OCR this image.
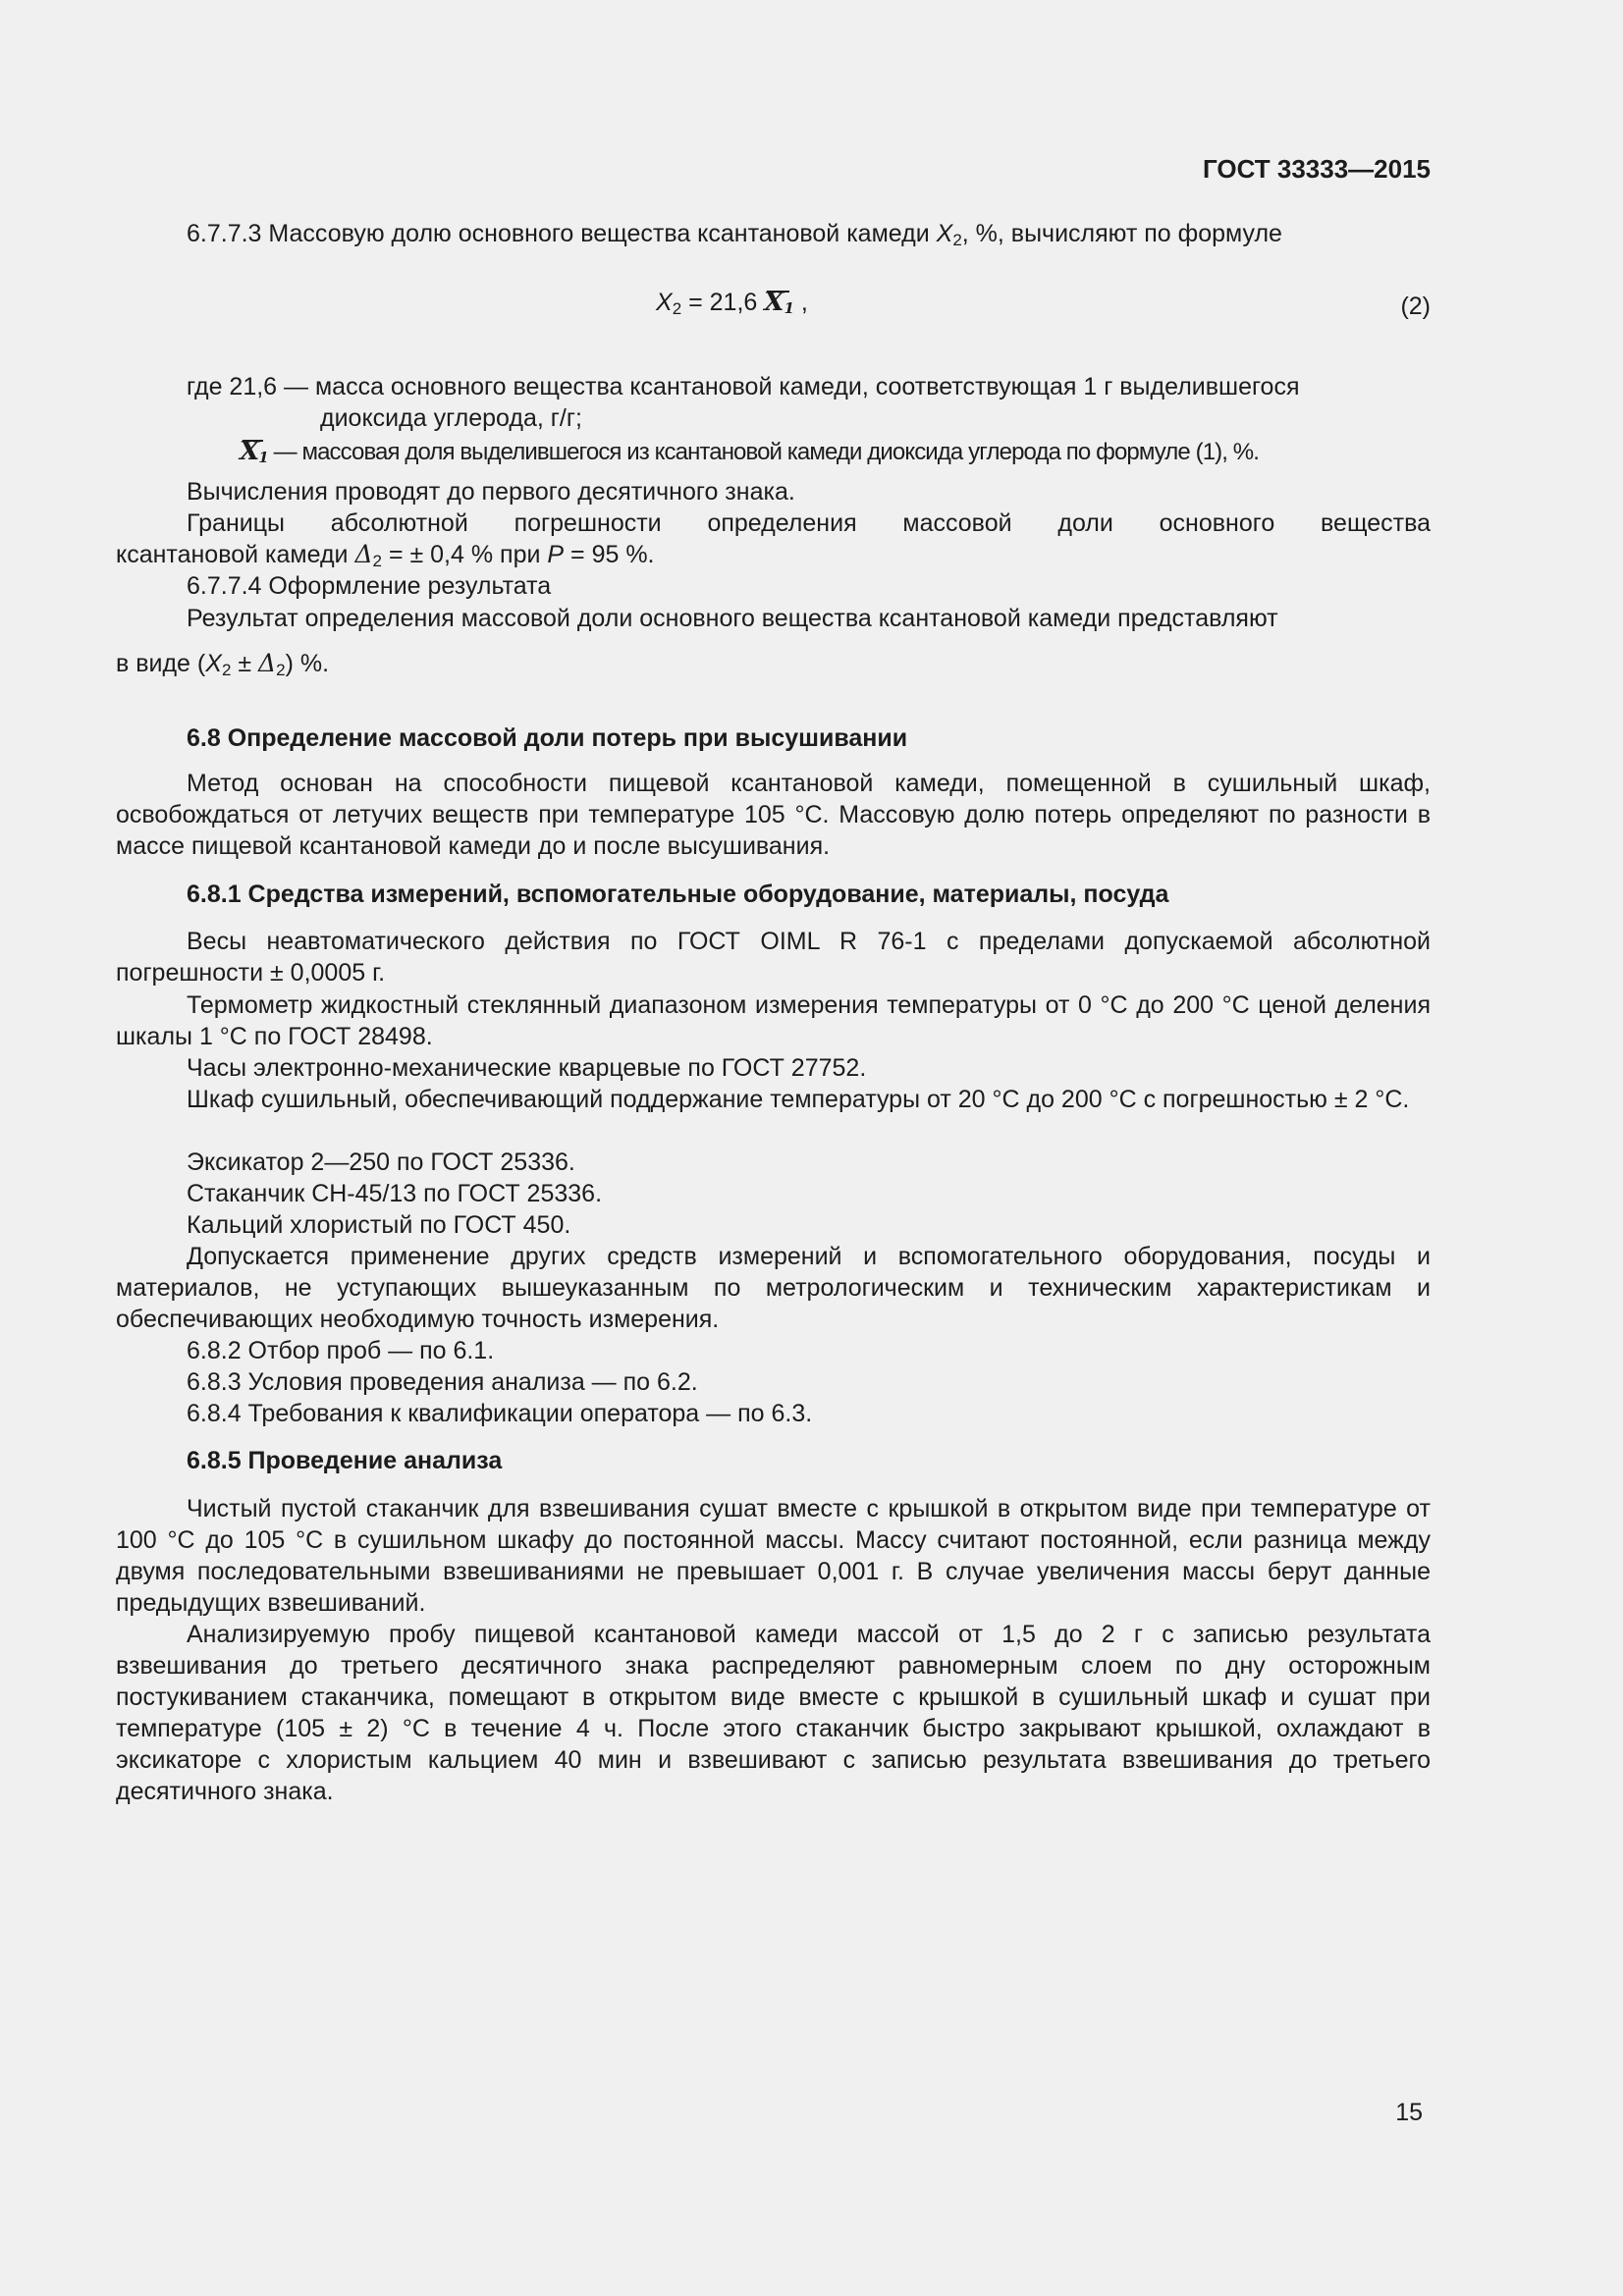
ГОСТ 33333—2015
6.7.7.3 Массовую долю основного вещества ксантановой камеди $X_2$, %, вычисляют по формуле
$X_2 = 21,6$ X1 ,	(2)
где 21,6 — масса основного вещества ксантановой камеди, соответствующая 1 г выделившегося
диоксида углерода, г/г;
X1 — массовая доля выделившегося из ксантановой камеди диоксида углерода по формуле (1), %.
Вычисления проводят до первого десятичного знака.
Границы абсолютной погрешности определения массовой доли основного вещества
ксантановой камеди $\Delta_2$ = ± 0,4 % при P = 95 %.
6.7.7.4 Оформление результата
Результат определения массовой доли основного вещества ксантановой камеди представляют
в виде $(X_2 \pm \Delta_2)$ %.
6.8 Определение массовой доли потерь при высушивании
Метод основан на способности пищевой ксантановой камеди, помещенной в сушильный шкаф, освобождаться от летучих веществ при температуре 105 °С. Массовую долю потерь определяют по разности в массе пищевой ксантановой камеди до и после высушивания.
6.8.1 Средства измерений, вспомогательные оборудование, материалы, посуда
Весы неавтоматического действия по ГОСТ OIML R 76-1 с пределами допускаемой абсолютной погрешности ± 0,0005 г.
Термометр жидкостный стеклянный диапазоном измерения температуры от 0 °С до 200 °С ценой деления шкалы 1 °С по ГОСТ 28498.
Часы электронно-механические кварцевые по ГОСТ 27752.
Шкаф сушильный, обеспечивающий поддержание температуры от 20 °С до 200 °С с погрешностью ± 2 °С.
Эксикатор 2—250 по ГОСТ 25336.
Стаканчик СН-45/13 по ГОСТ 25336.
Кальций хлористый по ГОСТ 450.
Допускается применение других средств измерений и вспомогательного оборудования, посуды и материалов, не уступающих вышеуказанным по метрологическим и техническим характеристикам и обеспечивающих необходимую точность измерения.
6.8.2 Отбор проб — по 6.1.
6.8.3 Условия проведения анализа — по 6.2.
6.8.4 Требования к квалификации оператора — по 6.3.
6.8.5 Проведение анализа
Чистый пустой стаканчик для взвешивания сушат вместе с крышкой в открытом виде при температуре от 100 °С до 105 °С в сушильном шкафу до постоянной массы. Массу считают постоянной, если разница между двумя последовательными взвешиваниями не превышает 0,001 г. В случае увеличения массы берут данные предыдущих взвешиваний.
Анализируемую пробу пищевой ксантановой камеди массой от 1,5 до 2 г с записью результата взвешивания до третьего десятичного знака распределяют равномерным слоем по дну осторожным постукиванием стаканчика, помещают в открытом виде вместе с крышкой в сушильный шкаф и сушат при температуре (105 ± 2) °С в течение 4 ч. После этого стаканчик быстро закрывают крышкой, охлаждают в эксикаторе с хлористым кальцием 40 мин и взвешивают с записью результата взвешивания до третьего десятичного знака.
15
